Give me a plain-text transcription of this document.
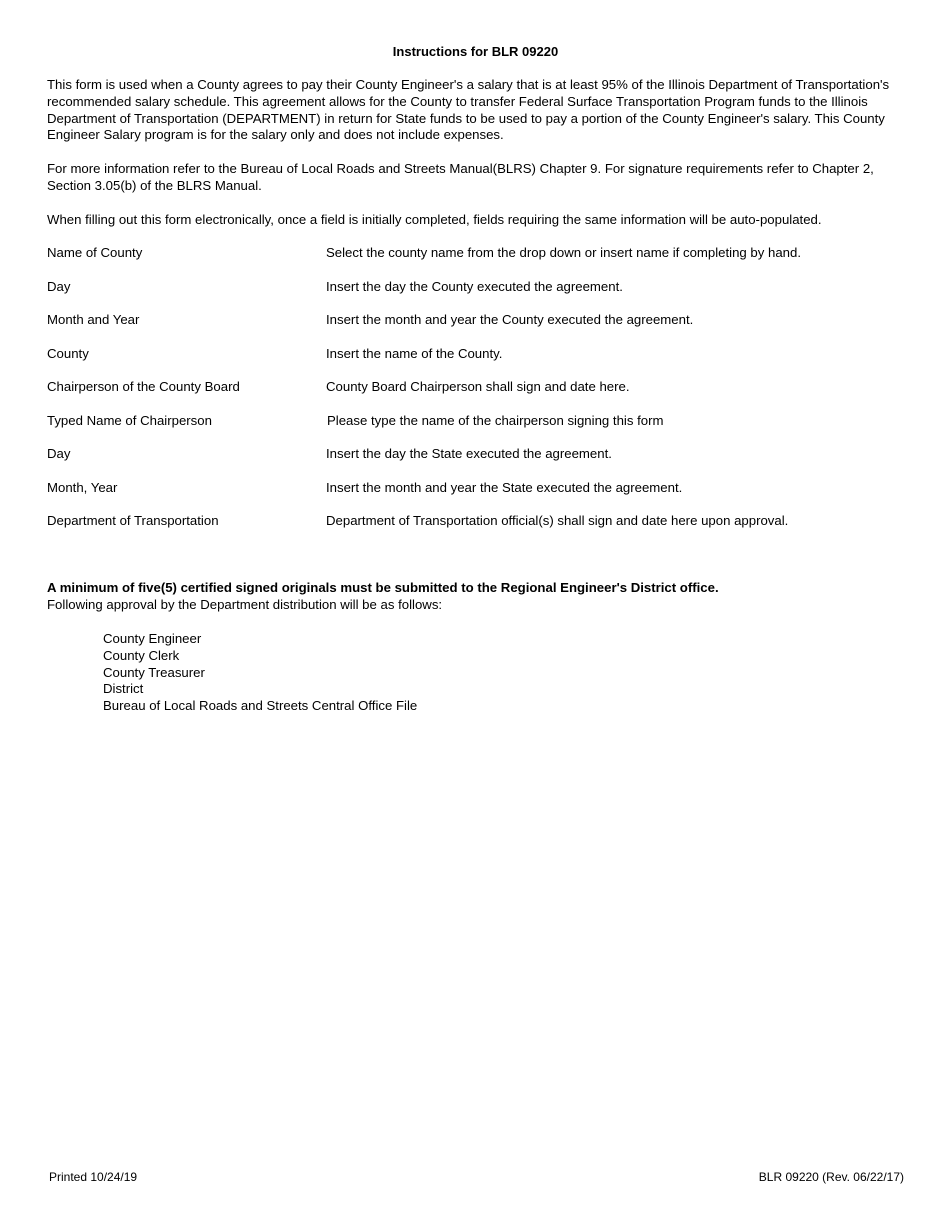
Instructions for BLR 09220

This form is used when a County agrees to pay their County Engineer's a salary that is at least 95% of the Illinois Department of Transportation's recommended salary schedule. This agreement allows for the County to transfer Federal Surface Transportation Program funds to the Illinois Department of Transportation (DEPARTMENT) in return for State funds to be used to pay a portion of the County Engineer's salary. This County Engineer Salary program is for the salary only and does not include expenses.

For more information refer to the Bureau of Local Roads and Streets Manual(BLRS) Chapter 9. For signature requirements refer to Chapter 2, Section 3.05(b) of the BLRS Manual.

When filling out this form electronically, once a field is initially completed, fields requiring the same information will be auto-populated.

Name of County	Select the county name from the drop down or insert name if completing by hand.
Day	Insert the day the County executed the agreement.
Month and Year	Insert the month and year the County executed the agreement.
County	Insert the name of the County.
Chairperson of the County Board	County Board Chairperson shall sign and date here.
Typed Name of Chairperson	Please type the name of the chairperson signing this form
Day	Insert the day the State executed the agreement.
Month, Year	Insert the month and year the State executed the agreement.
Department of Transportation	Department of Transportation official(s) shall sign and date here upon approval.
A minimum of five(5) certified signed originals must be submitted to the Regional Engineer's District office.
Following approval by the Department distribution will be as follows:
County Engineer
County Clerk
County Treasurer
District
Bureau of Local Roads and Streets Central Office File
Printed 10/24/19	BLR 09220 (Rev. 06/22/17)
